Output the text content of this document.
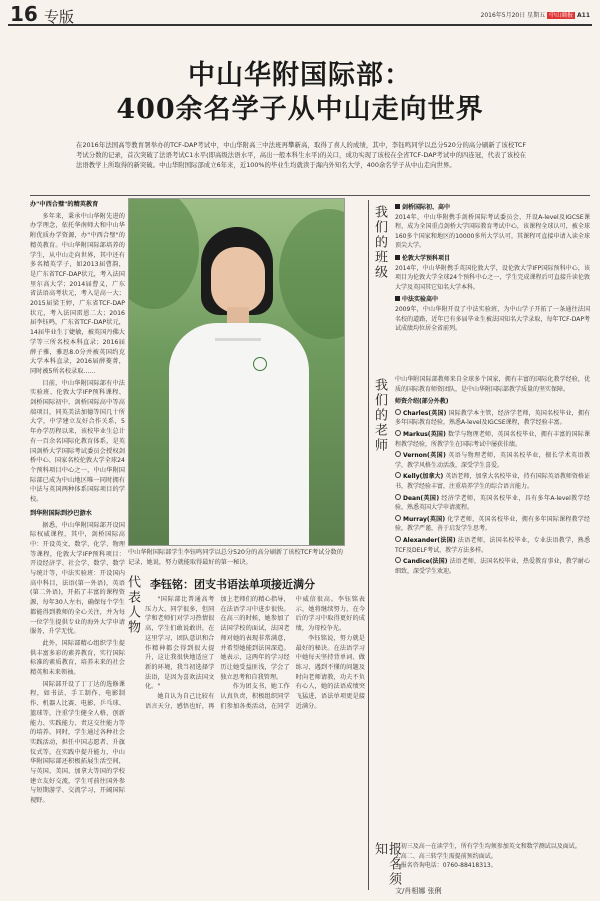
16 专版	2016年5月20日 星期五 中山商报 A11
中山华附国际部：
400余名学子从中山走向世界
在2016年法国高等教育署举办的TCF-DAP考试中，中山华附高三中法班再攀新高，取得了喜人的成绩，其中，李钰鸣同学以总分520分的高分刷新了该校TCF考试分数的记录，首次突破了法语考试C1水平(即高级法语水平，高出一般本科生水平)的关口，成功实现了该校在全省TCF-DAP考试中的四连冠，代表了该校在法语教学上所取得的新突破。中山华附国际部成立6年来，近100%的毕业生均就读于海内外知名大学，400余名学子从中山走向世界。
办"中西合璧"的精英教育

多年来，秉承中山华附先进的办学理念，依托华南师大和中山华附优质办学资源，办"中西合璧"的精英教育。中山华附国际部培养的学生，从中山走向世界，其中还有多名精英学子，如2013届曹韵，是广东省TCF-DAP状元，考入法国里尔高大学；2014届曹义，广东省法语高考状元，考入是高一大；2015届梁王婷，广东省TCF-DAP状元，考入法国雷恩二大；2016届李钰鸣，广东省TCF-DAP状元，14届毕业生丁婕敏，被英国丹佛大学等三所名校本科直录；2016届薛子雅，雅思8.0分并被英国约克大学本科直录，2016届薛菱菁，同时被5所名校录取……

目前，中山华附国际部有中法实验班、伦敦大学IFP预科课程、剑桥国际初中、剑桥国际高中等高端项目，同英美法加德等国几十所大学，中学建立友好合作关系，5年办学历程以来，该校毕业生总计有一百余名国际化教育体系，是英国剑桥大学国际考试委员会授权剑桥中心、国家名校伦敦大学全球24个预科项目中心之一，中山华附国际部已成为中山地区唯一同时拥有中法与英国两种体系国际项目的学校。

到华附国际到沙巴游水

据悉，中山华附国际部开设国际权威课程，其中，剑桥国际高中：开设英文、数学、化学、物理等课程，伦敦大学IFP预科项目：开设经济学、社会学、数学、数学与统计等，中法实验班：开设国内高中科目，法语(第一外语)，英语(第二外语)，开拓了丰富的课程资源，每年30人左右，确保每个学生都能得到教师的全心关注，并为每一位学生提供专业的海外大学申请服务，升学无忧。

此外，国际部精心组织学生提供丰富多彩的素养教育，实行国际标准的素质教育，培养未来的社会精英和未来领袖。

国际部开设了丁丁达的选修课程，如书法、手工制作、电影制作、机器人比赛、电影、乒乓球、篮球等，注重学生健全人格、创新能力、实践能力、责这交往能力等的培养。同时，学生通过各种社会实践活动，担任中国志愿者、升旗仪式等，在实践中提升能力，中山华附国际部还积极拓展生活空间，与英国、美国、加拿大等国的学校建立友好交流，学生可前往国外参与短期游学、交流学习，开阔国际视野。

中山华附国际部学生李钰鸣同学以总分520分的高分刷新了该校TCF考试分数的记录，她说，努力就能取得最好的第一秘诀。
代表人物 李钰铭：团支书语法单项接近满分

"国际部比普通高考压力大、同学很多，但同学和老师们对学习热情很高，学生们敢说敢讲，在这里学习，团队意识和合作精神都会得到很大提升，这让我很快地适应了新的环境，我当初选择学法语，是因为喜欢法国文化。"

她自认为自己比较有语言天分，感悟也好，再加上老师们的精心指导，在法语学习中进步很快。在高三的时候，她参加了法国学校的面试，法国老师对她的表现非常满意，并希望她能到法国深造。她表示，这两年的学习经历让她受益匪浅，学会了独立思考和自我管理。

作为团支书，她工作认真负责，积极组织同学们参加各类活动，在同学中威信很高。李钰铭表示，她将继续努力，在今后的学习中取得更好的成绩，为母校争光。

李钰铭说，努力就是最好的秘诀。在法语学习中她每天坚持背单词、做练习，遇到不懂的问题及时向老师请教，功夫不负有心人，她的法语成绩突飞猛进，语法单项更是接近满分。

我们的班级	剑桥国际初、高中
2014年，中山华附携手剑桥国际考试委员会，开设A-level及IGCSE课程，成为全国重点剑桥大学国际教育考试中心，该课程全球认可，被全球160多个国家和地区的10000多所大学认可，其课程可直接申请入读全球顶尖大学。
伦敦大学预科项目
2014年，中山华附携手英国伦敦大学，设伦敦大学IFP国际预科中心，该项目为伦敦大学全球24个预科中心之一，学生完成课程后可直接升读伦敦大学及英国其它知名大学本科。
中法实验高中
2009年，中山华附开设了中法实验班，为中山学子开拓了一条通往法国名校的道路，近年已有多届毕业生被法国知名大学录取，每年TCF-DAP考试成绩均位居全省前列。
我们的老师 中山华附国际部教师来自全球多个国家，拥有丰富的国际化教学经验，优质的国际教育师资团队，是中山华附国际部教学质量的坚实保障。
师资介绍(部分外教)
Charles(英国) 国际教学本主管，经济学老师，英国名校毕业，拥有多年国际教育经验，熟悉A-level及IGCSE课程，教学经验丰富。
Markus(英国) 数学与物理老师，英国名校毕业，拥有丰富的国际课程教学经验，所教学生在国际考试中屡获佳绩。
Vernon(英国) 英语与物理老师，英国名校毕业，擅长学术英语教学，教学风格生动活泼，深受学生喜爱。
Kelly(加拿大) 英语老师，加拿大名校毕业，持有国际英语教师资格证书，教学经验丰富，注重培养学生的综合语言能力。
Dean(英国) 经济学老师，英国名校毕业，具有多年A-level教学经验，熟悉英国大学申请流程。
Murray(英国) 化学老师，英国名校毕业，拥有多年国际课程教学经验，教学严谨，善于启发学生思考。
Alexander(法国) 法语老师，法国名校毕业，专业法语教学，熟悉TCF及DELF考试，教学方法多样。
Candice(法国) 法语老师，法国名校毕业，热爱教育事业，教学耐心细致，深受学生欢迎。
报名须知	1.初三及高一在读学生，所有学生均须参加英文和数学测试以及面试。
2.高二、高三转学生需提前预约面试。
3.报名咨询电话：0760-88418313。
文/肖相娜 张俐
